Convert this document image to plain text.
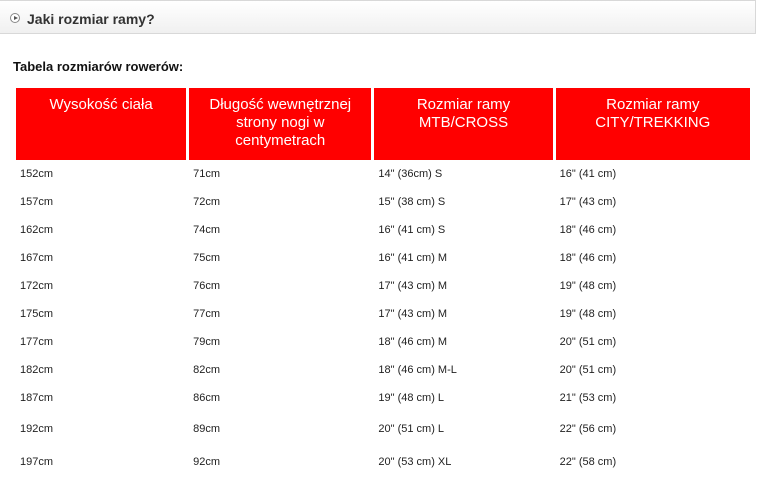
Jaki rozmiar ramy?
Tabela rozmiarów rowerów:
Wysokość ciała	Długość wewnętrznej strony nogi w centymetrach	Rozmiar ramy MTB/CROSS	Rozmiar ramy CITY/TREKKING
152cm	71cm	14" (36cm) S	16" (41 cm)
157cm	72cm	15" (38 cm) S	17" (43 cm)
162cm	74cm	16" (41 cm) S	18" (46 cm)
167cm	75cm	16" (41 cm) M	18" (46 cm)
172cm	76cm	17" (43 cm) M	19" (48 cm)
175cm	77cm	17" (43 cm) M	19" (48 cm)
177cm	79cm	18" (46 cm) M	20" (51 cm)
182cm	82cm	18" (46 cm) M-L	20" (51 cm)
187cm	86cm	19" (48 cm) L	21" (53 cm)
192cm	89cm	20" (51 cm) L	22" (56 cm)
197cm	92cm	20" (53 cm) XL	22" (58 cm)
